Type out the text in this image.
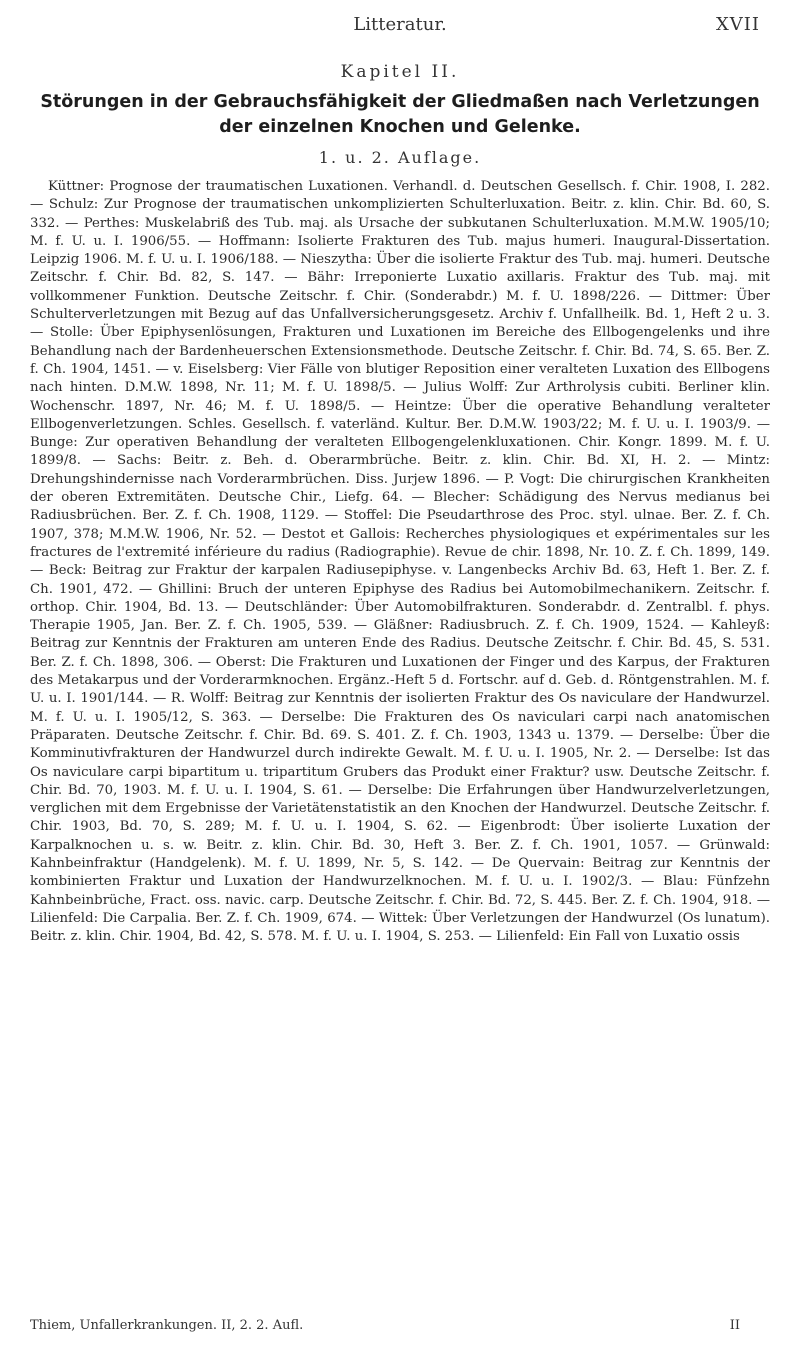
Litteratur.	XVII
Kapitel II.
Störungen in der Gebrauchsfähigkeit der Gliedmaßen nach Verletzungen der einzelnen Knochen und Gelenke.
1. u. 2. Auflage.
Küttner: Prognose der traumatischen Luxationen. Verhandl. d. Deutschen Gesellsch. f. Chir. 1908, I. 282. — Schulz: Zur Prognose der traumatischen unkomplizierten Schulterluxation. Beitr. z. klin. Chir. Bd. 60, S. 332. — Perthes: Muskelabriß des Tub. maj. als Ursache der subkutanen Schulterluxation. M.M.W. 1905/10; M. f. U. u. I. 1906/55. — Hoffmann: Isolierte Frakturen des Tub. majus humeri. Inaugural-Dissertation. Leipzig 1906. M. f. U. u. I. 1906/188. — Nieszytha: Über die isolierte Fraktur des Tub. maj. humeri. Deutsche Zeitschr. f. Chir. Bd. 82, S. 147. — Bähr: Irreponierte Luxatio axillaris. Fraktur des Tub. maj. mit vollkommener Funktion. Deutsche Zeitschr. f. Chir. (Sonderabdr.) M. f. U. 1898/226. — Dittmer: Über Schulterverletzungen mit Bezug auf das Unfallversicherungsgesetz. Archiv f. Unfallheilk. Bd. 1, Heft 2 u. 3. — Stolle: Über Epiphysenlösungen, Frakturen und Luxationen im Bereiche des Ellbogengelenks und ihre Behandlung nach der Bardenheuerschen Extensionsmethode. Deutsche Zeitschr. f. Chir. Bd. 74, S. 65. Ber. Z. f. Ch. 1904, 1451. — v. Eiselsberg: Vier Fälle von blutiger Reposition einer veralteten Luxation des Ellbogens nach hinten. D.M.W. 1898, Nr. 11; M. f. U. 1898/5. — Julius Wolff: Zur Arthrolysis cubiti. Berliner klin. Wochenschr. 1897, Nr. 46; M. f. U. 1898/5. — Heintze: Über die operative Behandlung veralteter Ellbogenverletzungen. Schles. Gesellsch. f. vaterländ. Kultur. Ber. D.M.W. 1903/22; M. f. U. u. I. 1903/9. — Bunge: Zur operativen Behandlung der veralteten Ellbogengelenkluxationen. Chir. Kongr. 1899. M. f. U. 1899/8. — Sachs: Beitr. z. Beh. d. Oberarmbrüche. Beitr. z. klin. Chir. Bd. XI, H. 2. — Mintz: Drehungshindernisse nach Vorderarmbrüchen. Diss. Jurjew 1896. — P. Vogt: Die chirurgischen Krankheiten der oberen Extremitäten. Deutsche Chir., Liefg. 64. — Blecher: Schädigung des Nervus medianus bei Radiusbrüchen. Ber. Z. f. Ch. 1908, 1129. — Stoffel: Die Pseudarthrose des Proc. styl. ulnae. Ber. Z. f. Ch. 1907, 378; M.M.W. 1906, Nr. 52. — Destot et Gallois: Recherches physiologiques et expérimentales sur les fractures de l'extremité inférieure du radius (Radiographie). Revue de chir. 1898, Nr. 10. Z. f. Ch. 1899, 149. — Beck: Beitrag zur Fraktur der karpalen Radiusepiphyse. v. Langenbecks Archiv Bd. 63, Heft 1. Ber. Z. f. Ch. 1901, 472. — Ghillini: Bruch der unteren Epiphyse des Radius bei Automobilmechanikern. Zeitschr. f. orthop. Chir. 1904, Bd. 13. — Deutschländer: Über Automobilfrakturen. Sonderabdr. d. Zentralbl. f. phys. Therapie 1905, Jan. Ber. Z. f. Ch. 1905, 539. — Gläßner: Radiusbruch. Z. f. Ch. 1909, 1524. — Kahleyß: Beitrag zur Kenntnis der Frakturen am unteren Ende des Radius. Deutsche Zeitschr. f. Chir. Bd. 45, S. 531. Ber. Z. f. Ch. 1898, 306. — Oberst: Die Frakturen und Luxationen der Finger und des Karpus, der Frakturen des Metakarpus und der Vorderarmknochen. Ergänz.-Heft 5 d. Fortschr. auf d. Geb. d. Röntgenstrahlen. M. f. U. u. I. 1901/144. — R. Wolff: Beitrag zur Kenntnis der isolierten Fraktur des Os naviculare der Handwurzel. M. f. U. u. I. 1905/12, S. 363. — Derselbe: Die Frakturen des Os naviculari carpi nach anatomischen Präparaten. Deutsche Zeitschr. f. Chir. Bd. 69. S. 401. Z. f. Ch. 1903, 1343 u. 1379. — Derselbe: Über die Komminutivfrakturen der Handwurzel durch indirekte Gewalt. M. f. U. u. I. 1905, Nr. 2. — Derselbe: Ist das Os naviculare carpi bipartitum u. tripartitum Grubers das Produkt einer Fraktur? usw. Deutsche Zeitschr. f. Chir. Bd. 70, 1903. M. f. U. u. I. 1904, S. 61. — Derselbe: Die Erfahrungen über Handwurzelverletzungen, verglichen mit dem Ergebnisse der Varietätenstatistik an den Knochen der Handwurzel. Deutsche Zeitschr. f. Chir. 1903, Bd. 70, S. 289; M. f. U. u. I. 1904, S. 62. — Eigenbrodt: Über isolierte Luxation der Karpalknochen u. s. w. Beitr. z. klin. Chir. Bd. 30, Heft 3. Ber. Z. f. Ch. 1901, 1057. — Grünwald: Kahnbeinfraktur (Handgelenk). M. f. U. 1899, Nr. 5, S. 142. — De Quervain: Beitrag zur Kenntnis der kombinierten Fraktur und Luxation der Handwurzelknochen. M. f. U. u. I. 1902/3. — Blau: Fünfzehn Kahnbeinbrüche, Fract. oss. navic. carp. Deutsche Zeitschr. f. Chir. Bd. 72, S. 445. Ber. Z. f. Ch. 1904, 918. — Lilienfeld: Die Carpalia. Ber. Z. f. Ch. 1909, 674. — Wittek: Über Verletzungen der Handwurzel (Os lunatum). Beitr. z. klin. Chir. 1904, Bd. 42, S. 578. M. f. U. u. I. 1904, S. 253. — Lilienfeld: Ein Fall von Luxatio ossis
Thiem, Unfallerkrankungen. II, 2. 2. Aufl.	II
